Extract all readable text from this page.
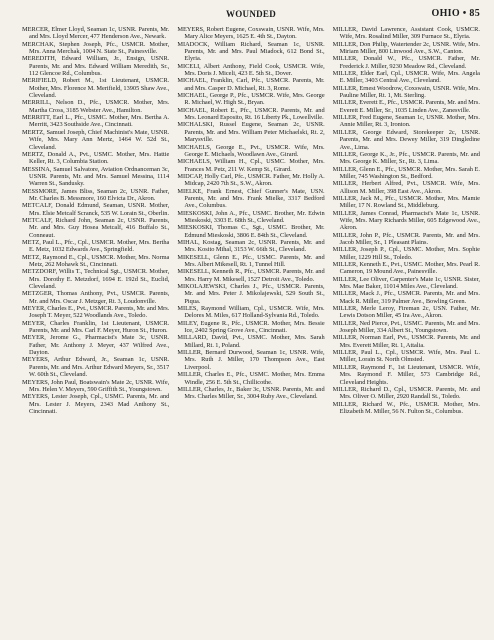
WOUNDED	OHIO • 85

MERCER, Elmer Lloyd, Seaman 1c, USNR. Parents, Mr. and Mrs. Lloyd Mercer, 477 Henderson Ave., Newark.

MERCHAK, Stephen Joseph, Pfc., USMCR. Mother, Mrs. Anna Merchak, 1004 N. State St., Painesville.

MEREDITH, Edward William, Jr., Ensign, USNR. Parents, Mr. and Mrs. Edward William Meredith, Sr., 112 Glencoe Rd., Columbus.

MERIFIELD, Robert M., 1st Lieutenant, USMCR. Mother, Mrs. Florence M. Merifield, 13905 Shaw Ave., Cleveland.

MERRILL, Nelson D., Pfc., USMCR. Mother, Mrs. Martha Cross, 3185 Webster Ave., Hamilton.

MERRITT, Earl L., Pfc., USMC. Mother, Mrs. Bertha A. Merritt, 3423 Southside Ave., Cincinnati.

MERTZ, Samuel Joseph, Chief Machinist's Mate, USNR. Wife, Mrs. Mary Ann Mertz, 1464 W. 52d St., Cleveland.

MERTZ, Donald A., Pvt., USMC. Mother, Mrs. Hattie Keller, Rt. 3, Columbia Station.

MESSINA, Samuel Salvatore, Aviation Ordnanceman 3c, USNR. Parents, Mr. and Mrs. Samuel Messina, 1114 Warren St., Sandusky.

MESSMORE, James Bliss, Seaman 2c, USNR. Father, Mr. Charles B. Messmore, 160 Elvicta Dr., Akron.

METCALF, Donald Edmund, Seaman, USNR. Mother, Mrs. Elsie Metcalf Scranck, 535 W. Lorain St., Oberlin.

METCALF, Richard John, Seaman 2c, USNR. Parents, Mr. and Mrs. Guy Hosea Metcalf, 416 Buffalo St., Conneaut.

METZ, Paul L., Pfc., Cpl., USMCR. Mother, Mrs. Bertha E. Metz, 1032 Edwards Ave., Springfield.

METZ, Raymond E., Cpl., USMCR. Mother, Mrs. Norma Metz, 262 Mohawk St., Cincinnati.

METZDORF, Willis T., Technical Sgt., USMCR. Mother, Mrs. Dorothy E. Metzdorf, 1694 E. 192d St., Euclid, Cleveland.

METZGER, Thomas Anthony, Pvt., USMCR. Parents, Mr. and Mrs. Oscar J. Metzger, Rt. 3, Loudonville.

MEYER, Charles E., Pvt., USMCR. Parents, Mr. and Mrs. Joseph T. Meyer, 522 Woodlands Ave., Toledo.

MEYER, Charles Franklin, 1st Lieutenant, USMCR. Parents, Mr. and Mrs. Carl F. Meyer, Huron St., Huron.

MEYER, Jerome G., Pharmacist's Mate 3c, USNR. Father, Mr. Anthony J. Meyer, 437 Wilfred Ave., Dayton.

MEYERS, Arthur Edward, Jr., Seaman 1c, USNR. Parents, Mr. and Mrs. Arthur Edward Meyers, Sr., 3517 W. 60th St., Cleveland.

MEYERS, John Paul, Boatswain's Mate 2c, USNR. Wife, Mrs. Helen V. Meyers, 590 Griffith St., Youngstown.

MEYERS, Lester Joseph, Cpl., USMC. Parents, Mr. and Mrs. Lester J. Meyers, 2343 Mad Anthony St., Cincinnati.

MEYERS, Robert Eugene, Coxswain, USNR. Wife, Mrs. Mary Alice Meyers, 1625 E. 4th St., Dayton.

MIADOCK, William Richard, Seaman 1c, USNR. Parents, Mr. and Mrs. Paul Miadock, 612 Bond St., Elyria.

MICELI, Albert Anthony, Field Cook, USMCR. Wife, Mrs. Doris J. Miceli, 423 E. 5th St., Dover.

MICHAEL, Franklin, Carl, Pfc., USMCR. Parents, Mr. and Mrs. Casper D. Michael, Rt. 3, Rome.

MICHAEL, George P., Pfc., USMCR. Wife, Mrs. George R. Michael, W. High St., Bryan.

MICHAEL, Robert E., Pfc., USMCR. Parents, Mr. and Mrs. Leonard Esposito, Rt. 16 Liberty Pk., Lowellville.

MICHALSKI, Russel Eugene, Seaman 2c, USNR. Parents, Mr. and Mrs. William Peter Michaelski, Rt. 2, Marysville.

MICHAELS, George E., Pvt., USMCR. Wife, Mrs. George E. Michaels, Woodlawn Ave., Girard.

MICHAELS, William H., Cpl., USMC. Mother, Mrs. Frances M. Petz, 211 W. Kemp St., Girard.

MIDCAP, Holly Carl, Pfc., USMCR. Father, Mr. Holly A. Midcap, 2420 7th St., S.W., Akron.

MIELKE, Frank Ernest, Chief Gunner's Mate, USN. Parents, Mr. and Mrs. Frank Mielke, 3317 Bedford Ave., Columbus.

MIESKOSKI, John A., Pfc., USMC. Brother, Mr. Edwin Mieskoski, 3303 E. 68th St., Cleveland.

MIESKOSKI, Thomas C., Sgt., USMC. Brother, Mr. Edmund Mieskoski, 3806 E. 84th St., Cleveland.

MIHAL, Kostag, Seaman 2c, USNR. Parents, Mr. and Mrs. Kosito Mihal, 3153 W. 66th St., Cleveland.

MIKESELL, Glenn E., Pfc., USMC. Parents, Mr. and Mrs. Albert Mikesell, Rt. 1, Tunnel Hill.

MIKESELL, Kenneth R., Pfc., USMCR. Parents, Mr. and Mrs. Harry M. Mikesell, 1527 Detroit Ave., Toledo.

MIKOLAJEWSKI, Charles J., Pfc., USMCR. Parents, Mr. and Mrs. Peter J. Mikolajewski, 529 South St., Piqua.

MILES, Raymond William, Cpl., USMCR. Wife, Mrs. Delores M. Miles, 617 Holland-Sylvania Rd., Toledo.

MILEY, Eugene R., Pfc., USMCR. Mother, Mrs. Bessie Ice, 2402 Spring Grove Ave., Cincinnati.

MILLARD, David, Pvt., USMC. Mother, Mrs. Sarah Millard, Rt. 1, Poland.

MILLER, Bernard Durwood, Seaman 1c, USNR. Wife, Mrs. Ruth J. Miller, 170 Thompson Ave., East Liverpool.

MILLER, Charles E., Pfc., USMC. Mother, Mrs. Emma Windle, 256 E. 5th St., Chillicothe.

MILLER, Charles, Jr., Baker 3c, USNR. Parents, Mr. and Mrs. Charles Miller, Sr., 3004 Ruby Ave., Cleveland.

MILLER, David Lawrence, Assistant Cook, USMCR. Wife, Mrs. Rosalind Miller, 309 Furnace St., Elyria.

MILLER, Don Philip, Watertender 2c, USNR. Wife, Mrs. Miriam Miller, 800 Linwood Ave., S.W., Canton.

MILLER, Donald W., Pfc., USMCR. Father, Mr. Frederick J. Miller, 9230 Meadow Rd., Cleveland.

MILLER, Elder Earl, Cpl., USMCR. Wife, Mrs. Angela E. Miller, 3403 Central Ave., Cleveland.

MILLER, Ernest Woodrow, Coxswain, USNR. Wife, Mrs. Pauline Miller, Rt. 1, Mt. Sterling.

MILLER, Everett E., Pfc., USMCR. Parents, Mr. and Mrs. Everett E. Miller, Sr., 1035 Linden Ave., Zanesville.

MILLER, Fred Eugene, Seaman 1c, USNR. Mother, Mrs. Annie Miller, Rt. 3, Ironton.

MILLER, George Edward, Storekeeper 2c, USNR. Parents, Mr. and Mrs. Dewey Miller, 319 Dingledine Ave., Lima.

MILLER, George K., Jr., Pfc., USMCR. Parents, Mr. and Mrs. George K. Miller, Sr., Rt. 3, Lima.

MILLER, Glenn E., Pfc., USMCR. Mother, Mrs. Sarah E. Miller, 745 Washington St., Bedford.

MILLER, Herbert Alfred, Pvt., USMCR. Wife, Mrs. Allison M. Miller, 398 East Ave., Akron.

MILLER, Jack M., Pfc., USMCR. Mother, Mrs. Mamie Miller, 17 N. Rowland St., Middleburg.

MILLER, James Conrad, Pharmacist's Mate 1c, USNR. Wife, Mrs. Mary Richards Miller, 605 Edgewood Ave., Akron.

MILLER, John P., Pfc., USMCR. Parents, Mr. and Mrs. Jacob Miller, Sr., 1 Pleasant Plains.

MILLER, Joseph P., Cpl., USMC. Mother, Mrs. Sophie Miller, 1229 Hill St., Toledo.

MILLER, Kenneth E., Pvt., USMC. Mother, Mrs. Pearl R. Cameron, 19 Mound Ave., Painesville.

MILLER, Lee Oliver, Carpenter's Mate 1c, USNR. Sister, Mrs. Mae Baker, 11014 Miles Ave., Cleveland.

MILLER, Mack J., Pfc., USMCR. Parents, Mr. and Mrs. Mack R. Miller, 319 Palmer Ave., Bowling Green.

MILLER, Merle Leroy, Fireman 2c, USN. Father, Mr. Lewis Dotson Miller, 45 Ira Ave., Akron.

MILLER, Ned Pierce, Pvt., USMC. Parents, Mr. and Mrs. Joseph Miller, 334 Albert St., Youngstown.

MILLER, Norman Earl, Pvt., USMCR. Parents, Mr. and Mrs. Everett Miller, Rt. 1, Attalia.

MILLER, Paul L., Cpl., USMCR. Wife, Mrs. Paul L. Miller, Lorain St. North Olmsted.

MILLER, Raymond F., 1st Lieutenant, USMCR. Wife, Mrs. Raymond F. Miller, 573 Cambridge Rd., Cleveland Heights.

MILLER, Richard D., Cpl., USMCR. Parents, Mr. and Mrs. Oliver O. Miller, 2920 Randall St., Toledo.

MILLER, Richard W., Pfc., USMCR. Mother, Mrs. Elizabeth M. Miller, 56 N. Fulton St., Columbus.
